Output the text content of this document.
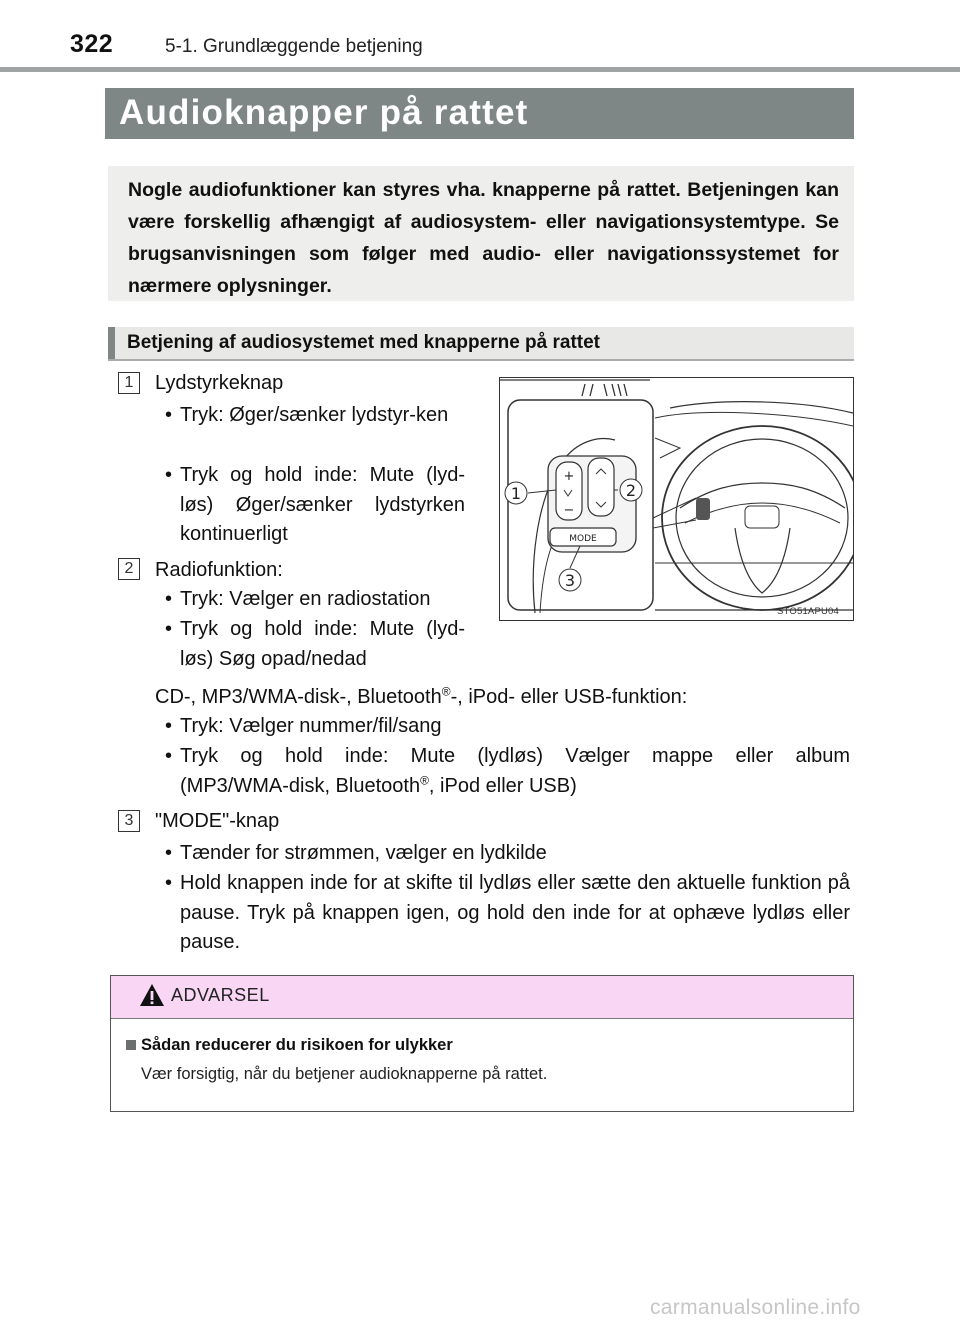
322	5-1. Grundlæggende betjening
Audioknapper på rattet

Nogle audiofunktioner kan styres vha. knapperne på rattet. Betjeningen kan være forskellig afhængigt af audiosystem- eller navigationsystemtype. Se brugsanvisningen som følger med audio- eller navigationssystemet for nærmere oplysninger.

Betjening af audiosystemet med knapperne på rattet
1	Lydstyrkeknap
• Tryk: Øger/sænker lydstyr-ken
• Tryk og hold inde: Mute (lyd-løs) Øger/sænker lydstyrken kontinuerligt
2	Radiofunktion:
• Tryk: Vælger en radiostation
• Tryk og hold inde: Mute (lyd-løs) Søg opad/nedad
CD-, MP3/WMA-disk-, Bluetooth®-, iPod- eller USB-funktion:
• Tryk: Vælger nummer/fil/sang
• Tryk og hold inde: Mute (lydløs) Vælger mappe eller album
(MP3/WMA-disk, Bluetooth®, iPod eller USB)
3	"MODE"-knap
• Tænder for strømmen, vælger en lydkilde
• Hold knappen inde for at skifte til lydløs eller sætte den aktuelle funktion på pause. Tryk på knappen igen, og hold den inde for at ophæve lydløs eller pause.
+
−
MODE
1	2
3
STO51APU04
ADVARSEL
Sådan reducerer du risikoen for ulykker
Vær forsigtig, når du betjener audioknapperne på rattet.
carmanualsonline.info
